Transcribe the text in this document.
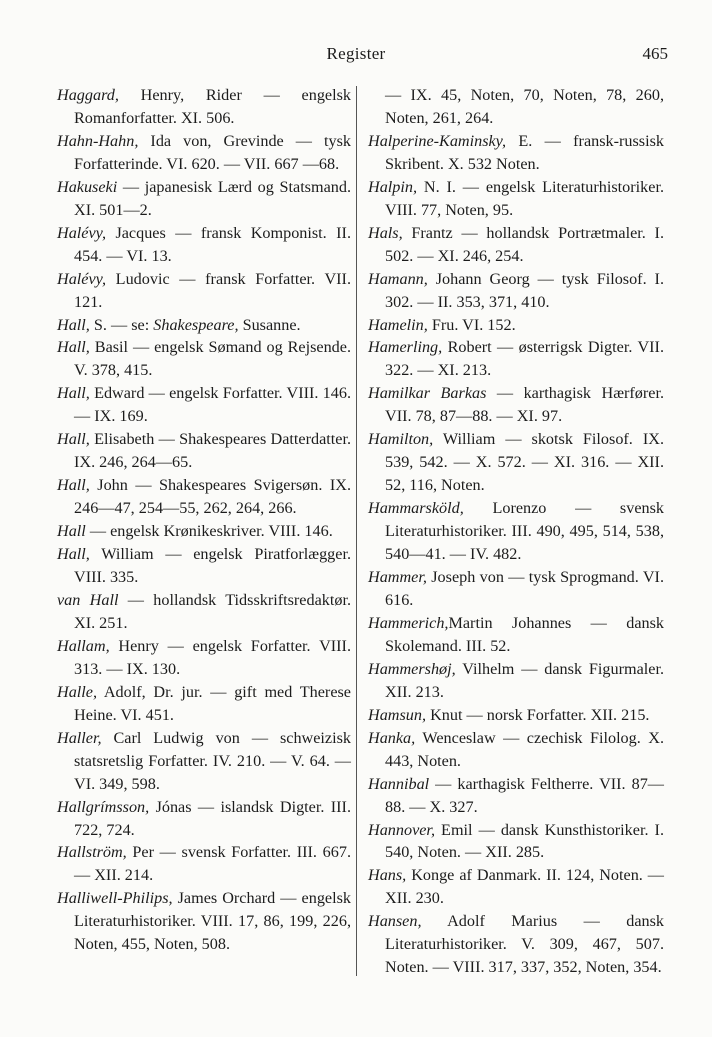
Register	465

Haggard, Henry, Rider — engelsk Romanforfatter. XI. 506.

Hahn-Hahn, Ida von, Grevinde — tysk Forfatterinde. VI. 620. — VII. 667 —68.

Hakuseki — japanesisk Lærd og Statsmand. XI. 501—2.

Halévy, Jacques — fransk Komponist. II. 454. — VI. 13.

Halévy, Ludovic — fransk Forfatter. VII. 121.

Hall, S. — se: Shakespeare, Susanne.

Hall, Basil — engelsk Sømand og Rejsende. V. 378, 415.

Hall, Edward — engelsk Forfatter. VIII. 146. — IX. 169.

Hall, Elisabeth — Shakespeares Datterdatter. IX. 246, 264—65.

Hall, John — Shakespeares Svigersøn. IX. 246—47, 254—55, 262, 264, 266.

Hall — engelsk Krønikeskriver. VIII. 146.

Hall, William — engelsk Piratforlægger. VIII. 335.

van Hall — hollandsk Tidsskriftsredaktør. XI. 251.

Hallam, Henry — engelsk Forfatter. VIII. 313. — IX. 130.

Halle, Adolf, Dr. jur. — gift med Therese Heine. VI. 451.

Haller, Carl Ludwig von — schweizisk statsretslig Forfatter. IV. 210. — V. 64. — VI. 349, 598.

Hallgrímsson, Jónas — islandsk Digter. III. 722, 724.

Hallström, Per — svensk Forfatter. III. 667. — XII. 214.

Halliwell-Philips, James Orchard — engelsk Literaturhistoriker. VIII. 17, 86, 199, 226, Noten, 455, Noten, 508.

— IX. 45, Noten, 70, Noten, 78, 260, Noten, 261, 264.

Halperine-Kaminsky, E. — fransk-russisk Skribent. X. 532 Noten.

Halpin, N. I. — engelsk Literaturhistoriker. VIII. 77, Noten, 95.

Hals, Frantz — hollandsk Portrætmaler. I. 502. — XI. 246, 254.

Hamann, Johann Georg — tysk Filosof. I. 302. — II. 353, 371, 410.

Hamelin, Fru. VI. 152.

Hamerling, Robert — østerrigsk Digter. VII. 322. — XI. 213.

Hamilkar Barkas — karthagisk Hærfører. VII. 78, 87—88. — XI. 97.

Hamilton, William — skotsk Filosof. IX. 539, 542. — X. 572. — XI. 316. — XII. 52, 116, Noten.

Hammarsköld, Lorenzo — svensk Literaturhistoriker. III. 490, 495, 514, 538, 540—41. — IV. 482.

Hammer, Joseph von — tysk Sprogmand. VI. 616.

Hammerich,Martin Johannes — dansk Skolemand. III. 52.

Hammershøj, Vilhelm — dansk Figurmaler. XII. 213.

Hamsun, Knut — norsk Forfatter. XII. 215.

Hanka, Wenceslaw — czechisk Filolog. X. 443, Noten.

Hannibal — karthagisk Feltherre. VII. 87—88. — X. 327.

Hannover, Emil — dansk Kunsthistoriker. I. 540, Noten. — XII. 285.

Hans, Konge af Danmark. II. 124, Noten. — XII. 230.

Hansen, Adolf Marius — dansk Literaturhistoriker. V. 309, 467, 507. Noten. — VIII. 317, 337, 352, Noten, 354.
